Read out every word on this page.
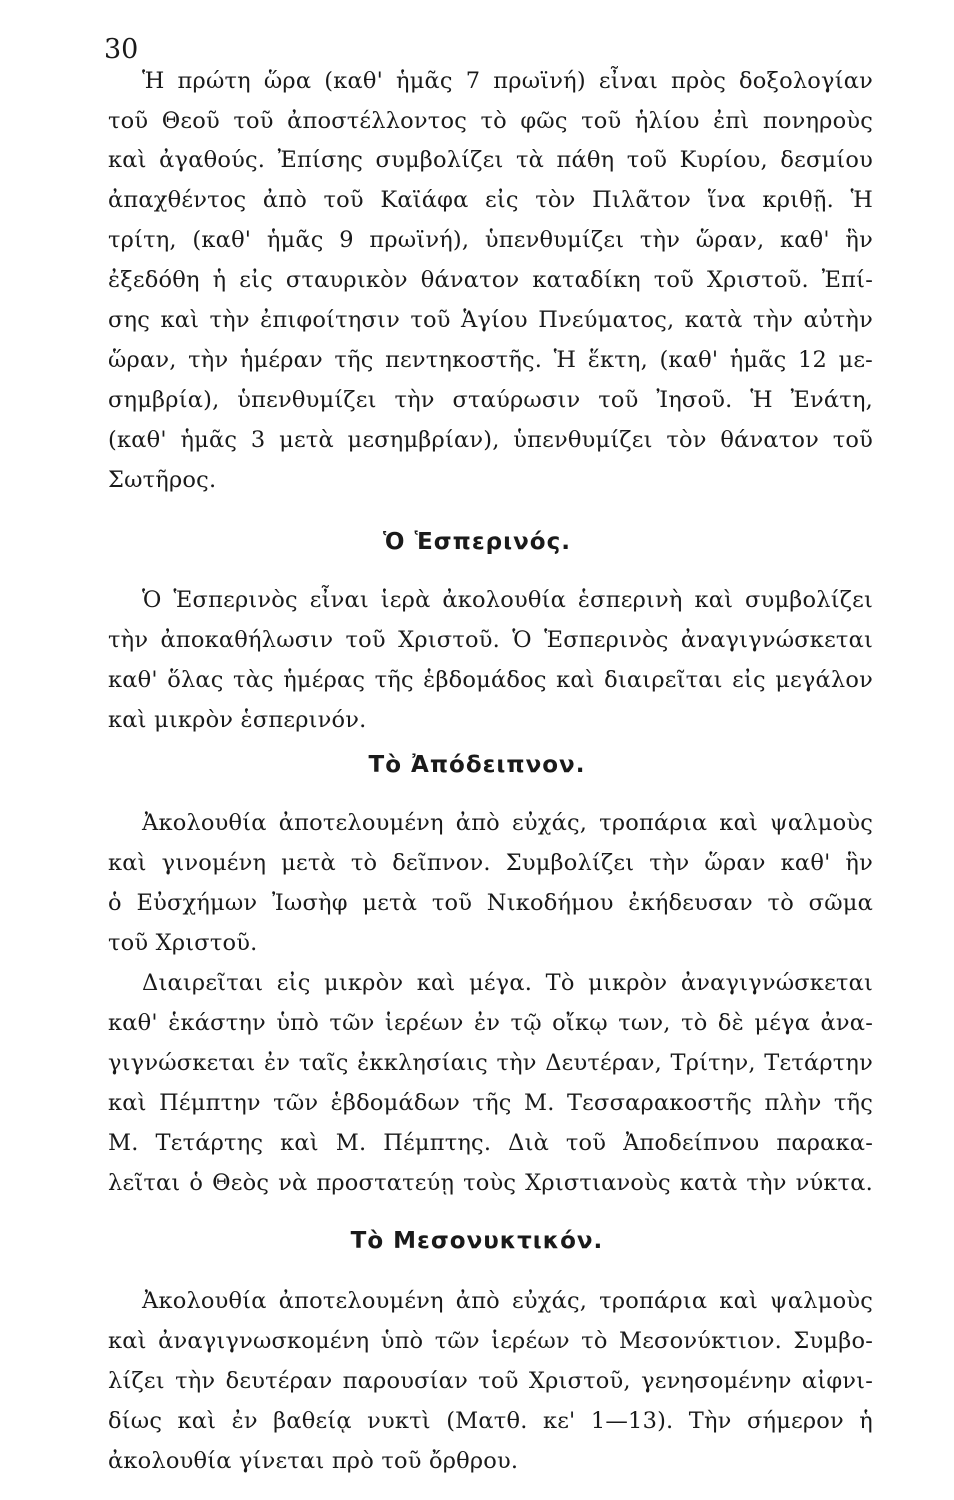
30
Ἡ πρώτη ὥρα (καθ' ἡμᾶς 7 πρωϊνή) εἶναι πρὸς δοξολογίαν
τοῦ Θεοῦ τοῦ ἀποστέλλοντος τὸ φῶς τοῦ ἡλίου ἐπὶ πονηροὺς
καὶ ἀγαθούς. Ἐπίσης συμβολίζει τὰ πάθη τοῦ Κυρίου, δεσμίου
ἀπαχθέντος ἀπὸ τοῦ Καϊάφα εἰς τὸν Πιλᾶτον ἵνα κριθῇ. Ἡ
τρίτη, (καθ' ἡμᾶς 9 πρωϊνή), ὑπενθυμίζει τὴν ὥραν, καθ' ἣν
ἐξεδόθη ἡ εἰς σταυρικὸν θάνατον καταδίκη τοῦ Χριστοῦ. Ἐπί-
σης καὶ τὴν ἐπιφοίτησιν τοῦ Ἁγίου Πνεύματος, κατὰ τὴν αὐτὴν
ὥραν, τὴν ἡμέραν τῆς πεντηκοστῆς. Ἡ ἕκτη, (καθ' ἡμᾶς 12 με-
σημβρία), ὑπενθυμίζει τὴν σταύρωσιν τοῦ Ἰησοῦ. Ἡ Ἐνάτη,
(καθ' ἡμᾶς 3 μετὰ μεσημβρίαν), ὑπενθυμίζει τὸν θάνατον τοῦ
Σωτῆρος.
Ὁ Ἑσπερινός.
Ὁ Ἑσπερινὸς εἶναι ἱερὰ ἀκολουθία ἑσπερινὴ καὶ συμβολίζει
τὴν ἀποκαθήλωσιν τοῦ Χριστοῦ. Ὁ Ἑσπερινὸς ἀναγιγνώσκεται
καθ' ὅλας τὰς ἡμέρας τῆς ἑβδομάδος καὶ διαιρεῖται εἰς μεγάλον
καὶ μικρὸν ἑσπερινόν.
Τὸ Ἀπόδειπνον.
Ἀκολουθία ἀποτελουμένη ἀπὸ εὐχάς, τροπάρια καὶ ψαλμοὺς
καὶ γινομένη μετὰ τὸ δεῖπνον. Συμβολίζει τὴν ὥραν καθ' ἣν
ὁ Εὐσχήμων Ἰωσὴφ μετὰ τοῦ Νικοδήμου ἐκήδευσαν τὸ σῶμα
τοῦ Χριστοῦ.
Διαιρεῖται εἰς μικρὸν καὶ μέγα. Τὸ μικρὸν ἀναγιγνώσκεται
καθ' ἑκάστην ὑπὸ τῶν ἱερέων ἐν τῷ οἴκῳ των, τὸ δὲ μέγα ἀνα-
γιγνώσκεται ἐν ταῖς ἐκκλησίαις τὴν Δευτέραν, Τρίτην, Τετάρτην
καὶ Πέμπτην τῶν ἑβδομάδων τῆς Μ. Τεσσαρακοστῆς πλὴν τῆς
Μ. Τετάρτης καὶ Μ. Πέμπτης. Διὰ τοῦ Ἀποδείπνου παρακα-
λεῖται ὁ Θεὸς νὰ προστατεύῃ τοὺς Χριστιανοὺς κατὰ τὴν νύκτα.
Τὸ Μεσονυκτικόν.
Ἀκολουθία ἀποτελουμένη ἀπὸ εὐχάς, τροπάρια καὶ ψαλμοὺς
καὶ ἀναγιγνωσκομένη ὑπὸ τῶν ἱερέων τὸ Μεσονύκτιον. Συμβο-
λίζει τὴν δευτέραν παρουσίαν τοῦ Χριστοῦ, γενησομένην αἰφνι-
δίως καὶ ἐν βαθείᾳ νυκτὶ (Ματθ. κε' 1—13). Τὴν σήμερον ἡ
ἀκολουθία γίνεται πρὸ τοῦ ὄρθρου.
